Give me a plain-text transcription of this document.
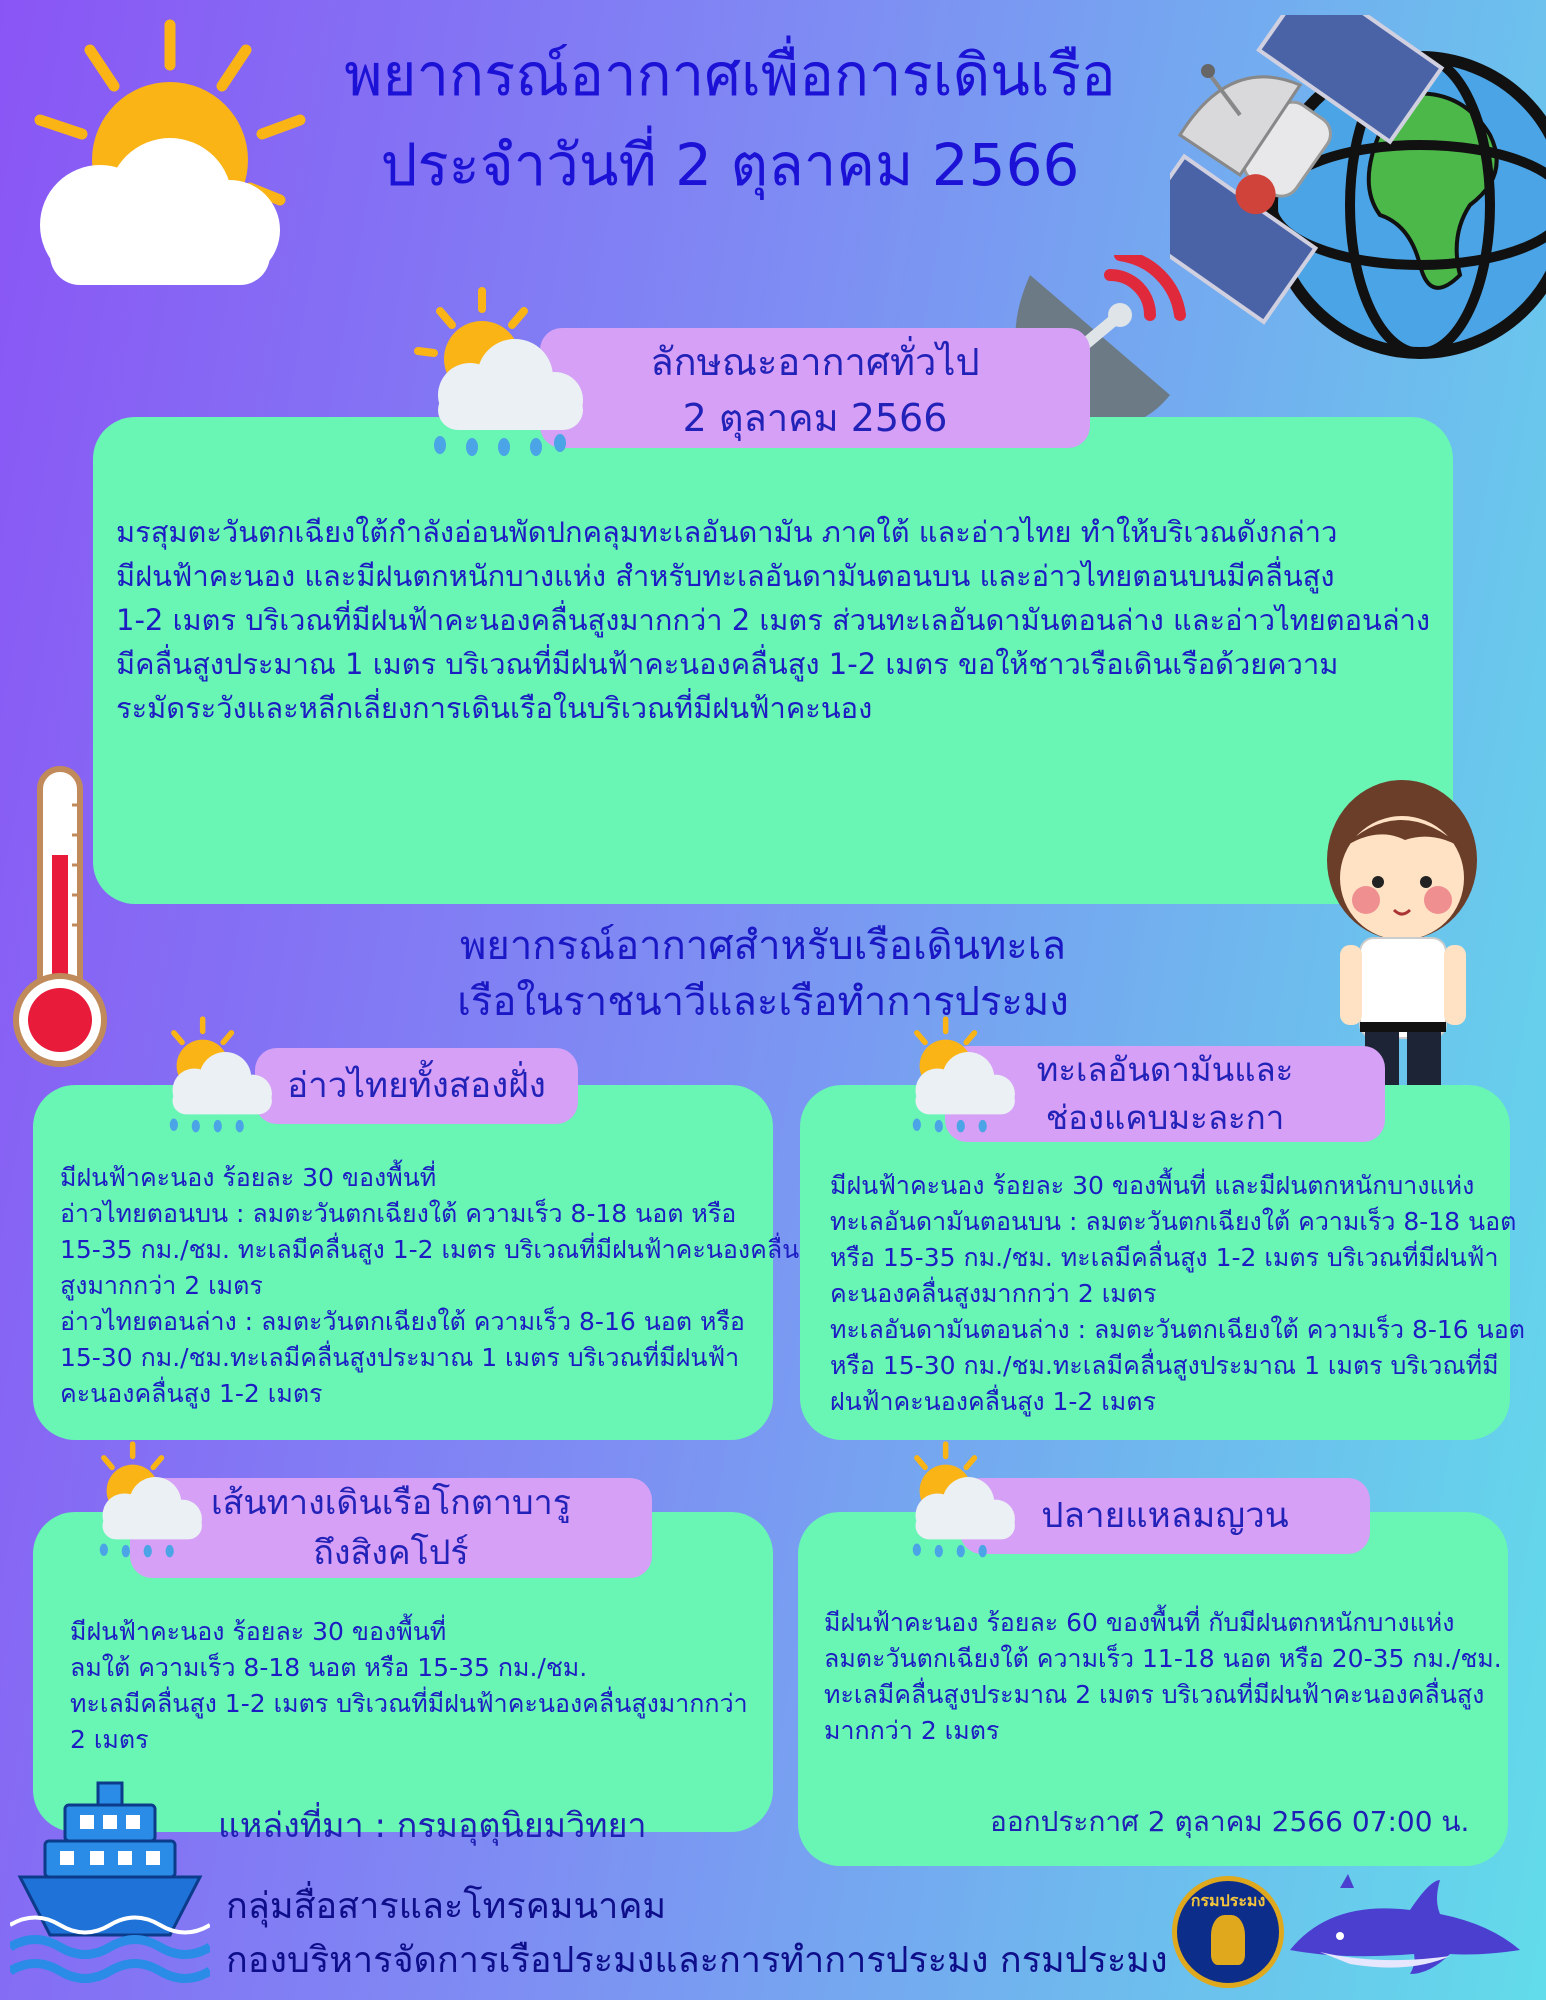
พยากรณ์อากาศเพื่อการเดินเรือ
ประจำวันที่ 2 ตุลาคม 2566
ลักษณะอากาศทั่วไป
2 ตุลาคม 2566
มรสุมตะวันตกเฉียงใต้กำลังอ่อนพัดปกคลุมทะเลอันดามัน ภาคใต้ และอ่าวไทย ทำให้บริเวณดังกล่าว
มีฝนฟ้าคะนอง และมีฝนตกหนักบางแห่ง สำหรับทะเลอันดามันตอนบน และอ่าวไทยตอนบนมีคลื่นสูง
1-2 เมตร บริเวณที่มีฝนฟ้าคะนองคลื่นสูงมากกว่า 2 เมตร ส่วนทะเลอันดามันตอนล่าง และอ่าวไทยตอนล่าง
มีคลื่นสูงประมาณ 1 เมตร บริเวณที่มีฝนฟ้าคะนองคลื่นสูง 1-2 เมตร ขอให้ชาวเรือเดินเรือด้วยความ
ระมัดระวังและหลีกเลี่ยงการเดินเรือในบริเวณที่มีฝนฟ้าคะนอง
พยากรณ์อากาศสำหรับเรือเดินทะเล
เรือในราชนาวีและเรือทำการประมง
อ่าวไทยทั้งสองฝั่ง
มีฝนฟ้าคะนอง ร้อยละ 30 ของพื้นที่
อ่าวไทยตอนบน : ลมตะวันตกเฉียงใต้ ความเร็ว 8-18 นอต หรือ
15-35 กม./ชม. ทะเลมีคลื่นสูง 1-2 เมตร บริเวณที่มีฝนฟ้าคะนองคลื่น
สูงมากกว่า 2 เมตร
อ่าวไทยตอนล่าง : ลมตะวันตกเฉียงใต้ ความเร็ว 8-16 นอต หรือ
15-30 กม./ชม.ทะเลมีคลื่นสูงประมาณ 1 เมตร บริเวณที่มีฝนฟ้า
คะนองคลื่นสูง 1-2 เมตร
ทะเลอันดามันและ
ช่องแคบมะละกา
มีฝนฟ้าคะนอง ร้อยละ 30 ของพื้นที่ และมีฝนตกหนักบางแห่ง
ทะเลอันดามันตอนบน : ลมตะวันตกเฉียงใต้ ความเร็ว 8-18 นอต
หรือ 15-35 กม./ชม. ทะเลมีคลื่นสูง 1-2 เมตร บริเวณที่มีฝนฟ้า
คะนองคลื่นสูงมากกว่า 2 เมตร
ทะเลอันดามันตอนล่าง : ลมตะวันตกเฉียงใต้ ความเร็ว 8-16 นอต
หรือ 15-30 กม./ชม.ทะเลมีคลื่นสูงประมาณ 1 เมตร บริเวณที่มี
ฝนฟ้าคะนองคลื่นสูง 1-2 เมตร
เส้นทางเดินเรือโกตาบารู
ถึงสิงคโปร์
มีฝนฟ้าคะนอง ร้อยละ 30 ของพื้นที่
ลมใต้ ความเร็ว 8-18 นอต หรือ 15-35 กม./ชม.
ทะเลมีคลื่นสูง 1-2 เมตร บริเวณที่มีฝนฟ้าคะนองคลื่นสูงมากกว่า
2 เมตร
แหล่งที่มา : กรมอุตุนิยมวิทยา
ปลายแหลมญวน
มีฝนฟ้าคะนอง ร้อยละ 60 ของพื้นที่ กับมีฝนตกหนักบางแห่ง
ลมตะวันตกเฉียงใต้ ความเร็ว 11-18 นอต หรือ 20-35 กม./ชม.
ทะเลมีคลื่นสูงประมาณ 2 เมตร บริเวณที่มีฝนฟ้าคะนองคลื่นสูง
มากกว่า 2 เมตร
ออกประกาศ 2 ตุลาคม 2566 07:00 น.
กลุ่มสื่อสารและโทรคมนาคม
กองบริหารจัดการเรือประมงและการทำการประมง กรมประมง
กรมประมง
